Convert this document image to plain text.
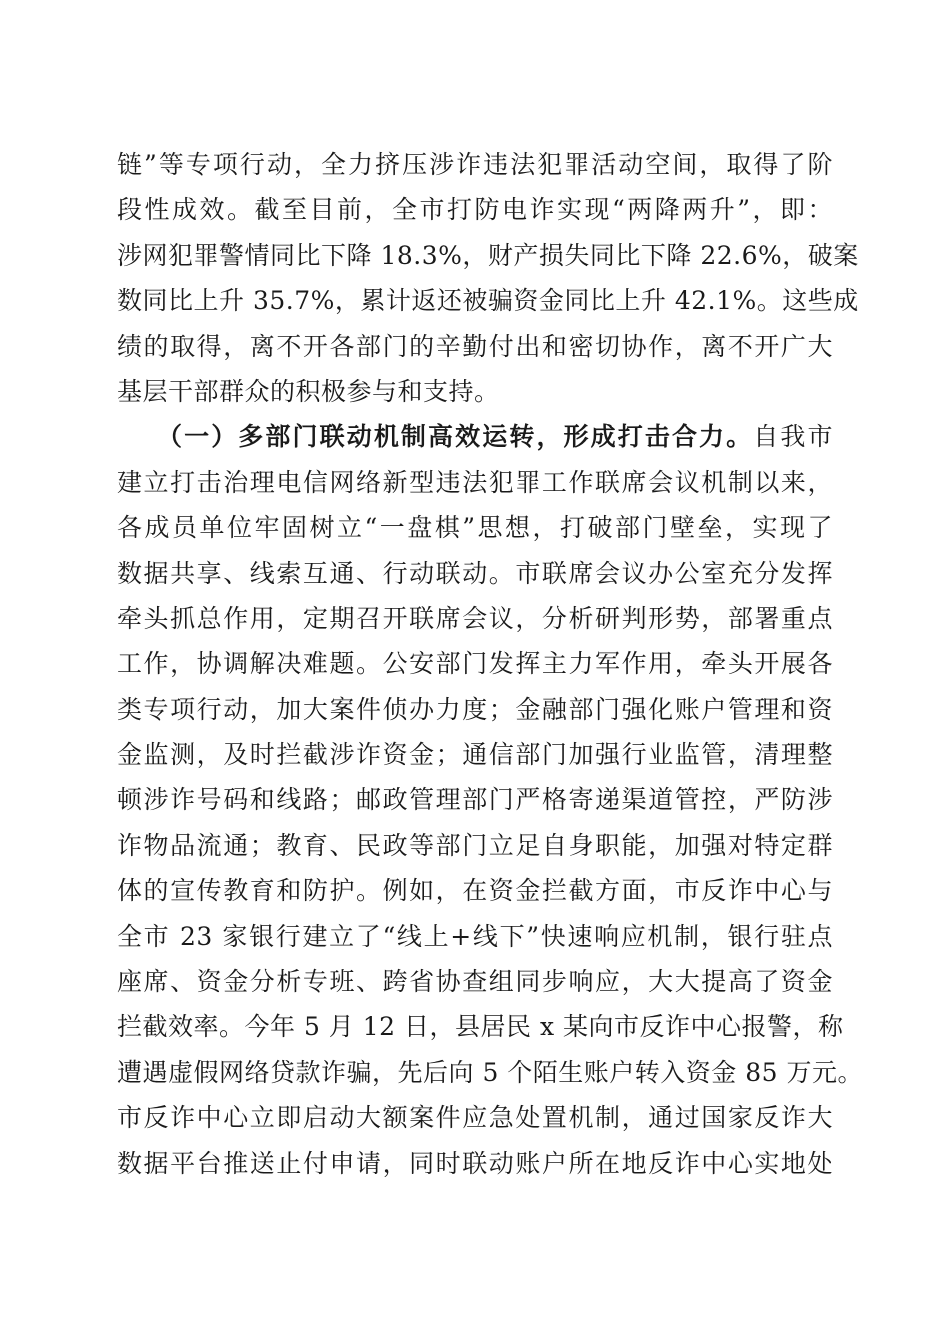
链”等专项行动，全力挤压涉诈违法犯罪活动空间，取得了阶
段性成效。截至目前，全市打防电诈实现“两降两升”，即：
涉网犯罪警情同比下降 18.3%，财产损失同比下降 22.6%，破案
数同比上升 35.7%，累计返还被骗资金同比上升 42.1%。这些成
绩的取得，离不开各部门的辛勤付出和密切协作，离不开广大
基层干部群众的积极参与和支持。
（一）多部门联动机制高效运转，形成打击合力。自我市
建立打击治理电信网络新型违法犯罪工作联席会议机制以来，
各成员单位牢固树立“一盘棋”思想，打破部门壁垒，实现了
数据共享、线索互通、行动联动。市联席会议办公室充分发挥
牵头抓总作用，定期召开联席会议，分析研判形势，部署重点
工作，协调解决难题。公安部门发挥主力军作用，牵头开展各
类专项行动，加大案件侦办力度；金融部门强化账户管理和资
金监测，及时拦截涉诈资金；通信部门加强行业监管，清理整
顿涉诈号码和线路；邮政管理部门严格寄递渠道管控，严防涉
诈物品流通；教育、民政等部门立足自身职能，加强对特定群
体的宣传教育和防护。例如，在资金拦截方面，市反诈中心与
全市 23 家银行建立了“线上+线下”快速响应机制，银行驻点
座席、资金分析专班、跨省协查组同步响应，大大提高了资金
拦截效率。今年 5 月 12 日，县居民 x 某向市反诈中心报警，称
遭遇虚假网络贷款诈骗，先后向 5 个陌生账户转入资金 85 万元。
市反诈中心立即启动大额案件应急处置机制，通过国家反诈大
数据平台推送止付申请，同时联动账户所在地反诈中心实地处
